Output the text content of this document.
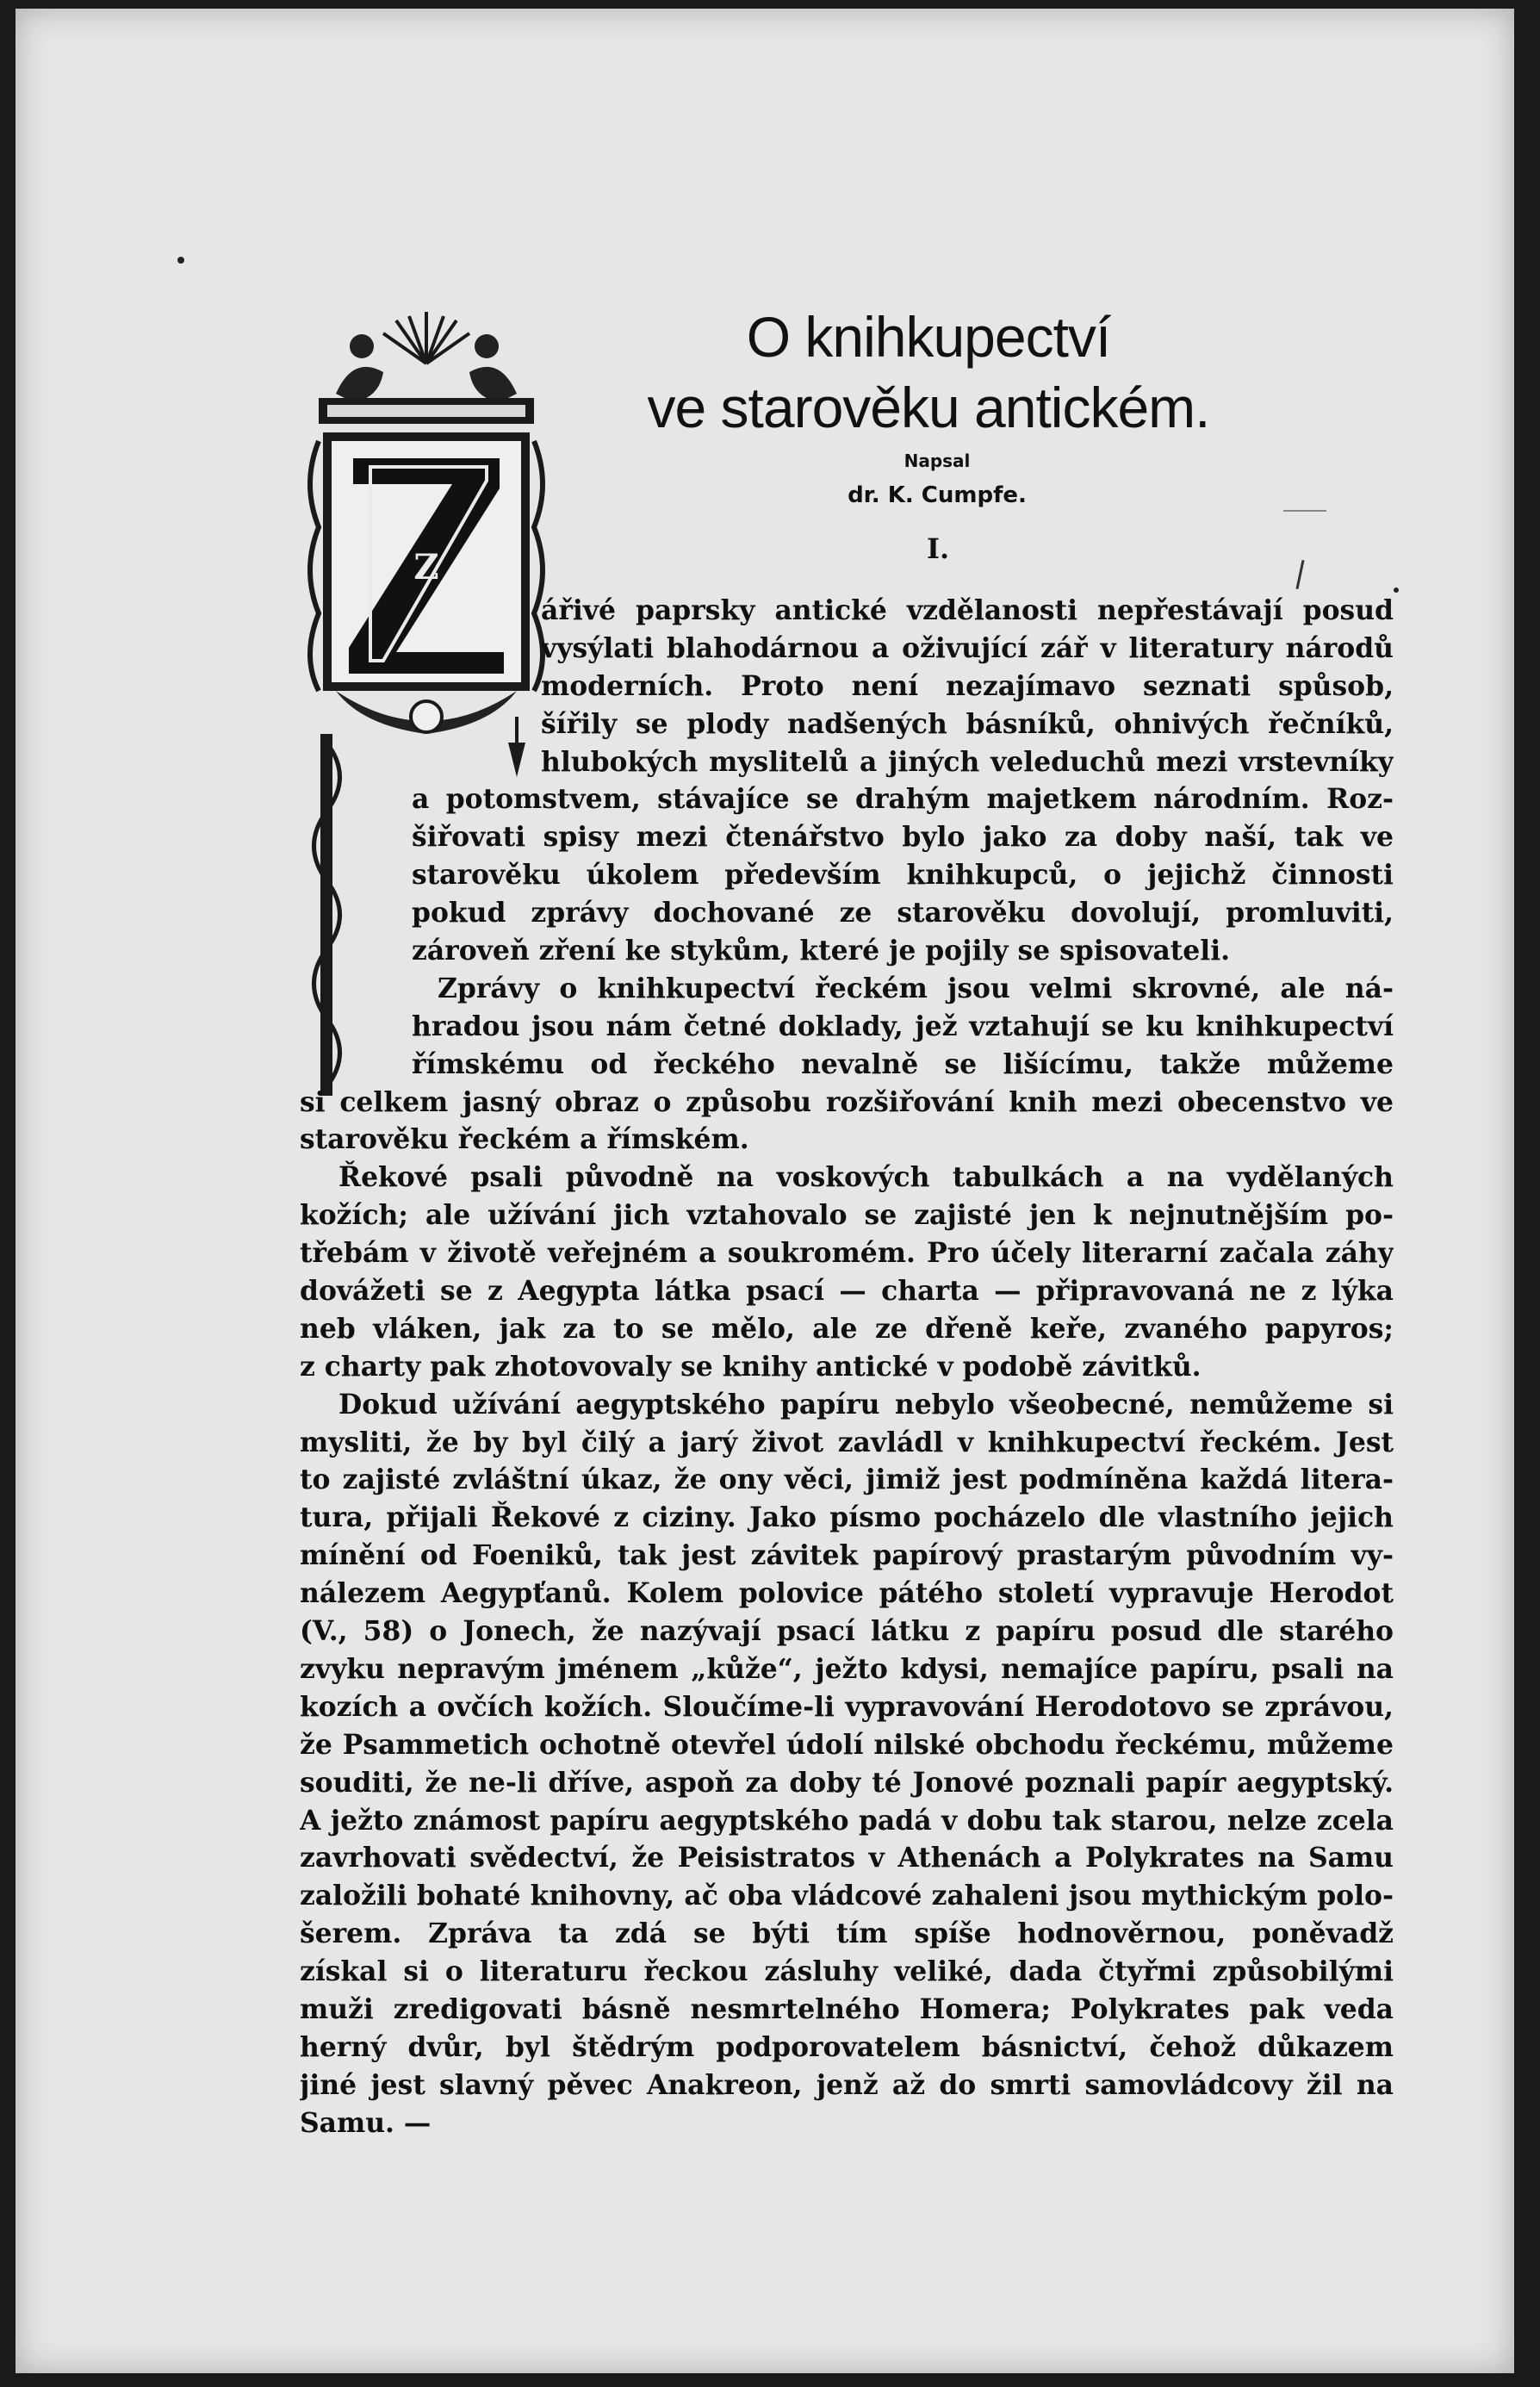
O knihkupectví
ve starověku antickém.
Napsal
dr. K. Cumpfe.
I.
Z
ářivé paprsky antické vzdělanosti nepřestávají posud
vysýlati blahodárnou a oživující zář v literatury národů
moderních. Proto není nezajímavo seznati spůsob,
šířily se plody nadšených básníků, ohnivých řečníků,
hlubokých myslitelů a jiných veleduchů mezi vrstevníky
a potomstvem, stávajíce se drahým majetkem národním. Roz-
šiřovati spisy mezi čtenářstvo bylo jako za doby naší, tak ve
starověku úkolem především knihkupců, o jejichž činnosti
pokud zprávy dochované ze starověku dovolují, promluviti,
zároveň zření ke stykům, které je pojily se spisovateli.
Zprávy o knihkupectví řeckém jsou velmi skrovné, ale ná-
hradou jsou nám četné doklady, jež vztahují se ku knihkupectví
římskému od řeckého nevalně se lišícímu, takže můžeme
si celkem jasný obraz o způsobu rozšiřování knih mezi obecenstvo ve
starověku řeckém a římském.
Řekové psali původně na voskových tabulkách a na vydělaných
kožích; ale užívání jich vztahovalo se zajisté jen k nejnutnějším po-
třebám v životě veřejném a soukromém. Pro účely literarní začala záhy
dovážeti se z Aegypta látka psací — charta — připravovaná ne z lýka
neb vláken, jak za to se mělo, ale ze dřeně keře, zvaného papyros;
z charty pak zhotovovaly se knihy antické v podobě závitků.
Dokud užívání aegyptského papíru nebylo všeobecné, nemůžeme si
mysliti, že by byl čilý a jarý život zavládl v knihkupectví řeckém. Jest
to zajisté zvláštní úkaz, že ony věci, jimiž jest podmíněna každá litera-
tura, přijali Řekové z ciziny. Jako písmo pocházelo dle vlastního jejich
mínění od Foeniků, tak jest závitek papírový prastarým původním vy-
nálezem Aegypťanů. Kolem polovice pátého století vypravuje Herodot
(V., 58) o Jonech, že nazývají psací látku z papíru posud dle starého
zvyku nepravým jménem „kůže“, ježto kdysi, nemajíce papíru, psali na
kozích a ovčích kožích. Sloučíme-li vypravování Herodotovo se zprávou,
že Psammetich ochotně otevřel údolí nilské obchodu řeckému, můžeme
souditi, že ne-li dříve, aspoň za doby té Jonové poznali papír aegyptský.
A ježto známost papíru aegyptského padá v dobu tak starou, nelze zcela
zavrhovati svědectví, že Peisistratos v Athenách a Polykrates na Samu
založili bohaté knihovny, ač oba vládcové zahaleni jsou mythickým polo-
šerem. Zpráva ta zdá se býti tím spíše hodnověrnou, poněvadž
získal si o literaturu řeckou zásluhy veliké, dada čtyřmi způsobilými
muži zredigovati básně nesmrtelného Homera; Polykrates pak veda
herný dvůr, byl štědrým podporovatelem básnictví, čehož důkazem
jiné jest slavný pěvec Anakreon, jenž až do smrti samovládcovy žil na
Samu. —
